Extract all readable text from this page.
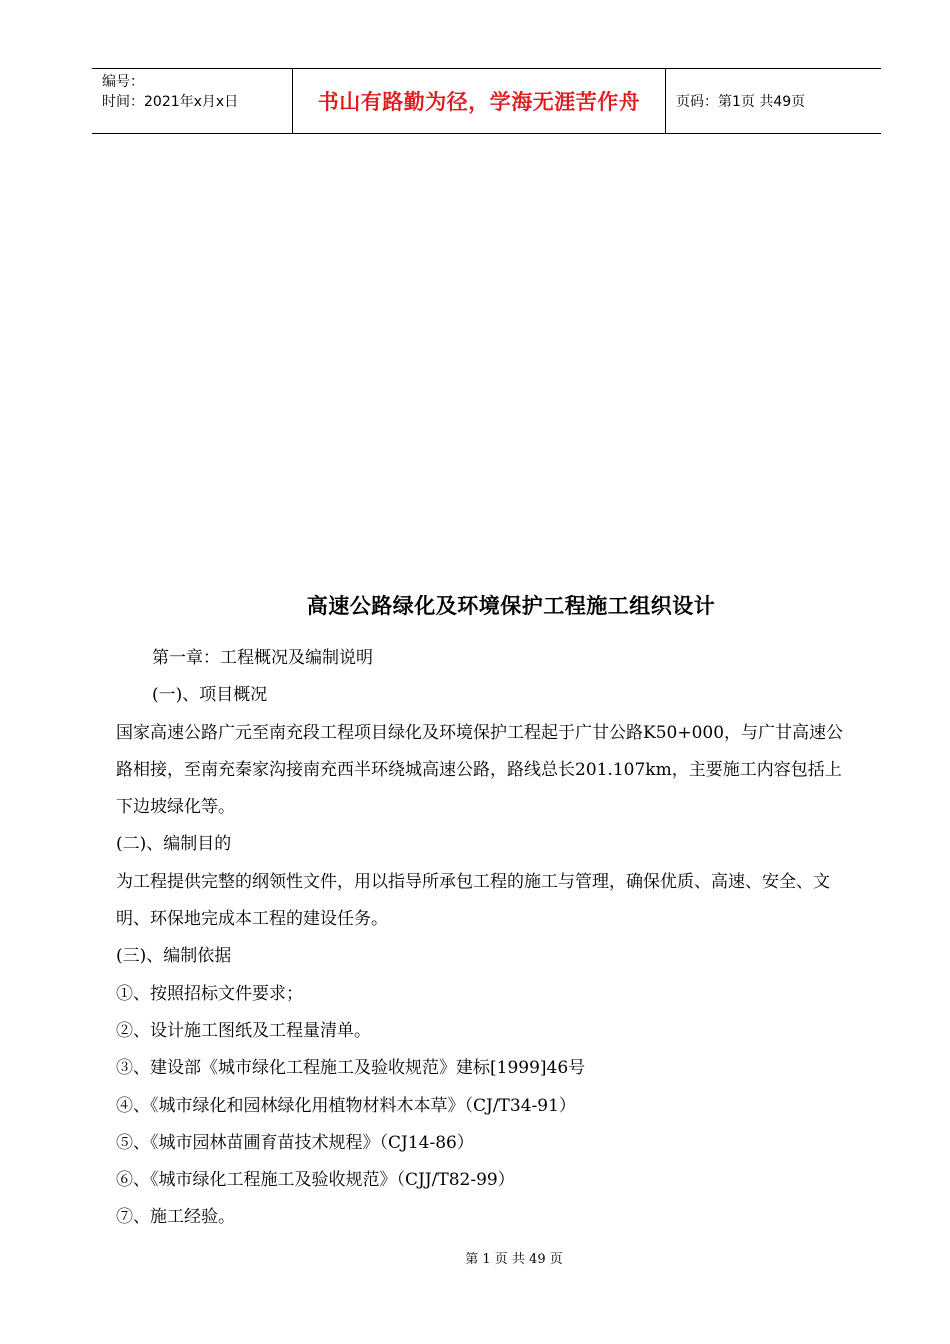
编号：
时间：2021年x月x日	书山有路勤为径，学海无涯苦作舟	页码：第1页 共49页
高速公路绿化及环境保护工程施工组织设计

第一章：工程概况及编制说明

(一)、项目概况

国家高速公路广元至南充段工程项目绿化及环境保护工程起于广甘公路K50+000，与广甘高速公路相接，至南充秦家沟接南充西半环绕城高速公路，路线总长201.107km，主要施工内容包括上下边坡绿化等。

(二)、编制目的

为工程提供完整的纲领性文件，用以指导所承包工程的施工与管理，确保优质、高速、安全、文明、环保地完成本工程的建设任务。

(三)、编制依据

①、按照招标文件要求；

②、设计施工图纸及工程量清单。

③、建设部《城市绿化工程施工及验收规范》建标[1999]46号

④、《城市绿化和园林绿化用植物材料木本草》（CJ/T34-91）

⑤、《城市园林苗圃育苗技术规程》（CJ14-86）

⑥、《城市绿化工程施工及验收规范》（CJJ/T82-99）

⑦、施工经验。

第 1 页 共 49 页
